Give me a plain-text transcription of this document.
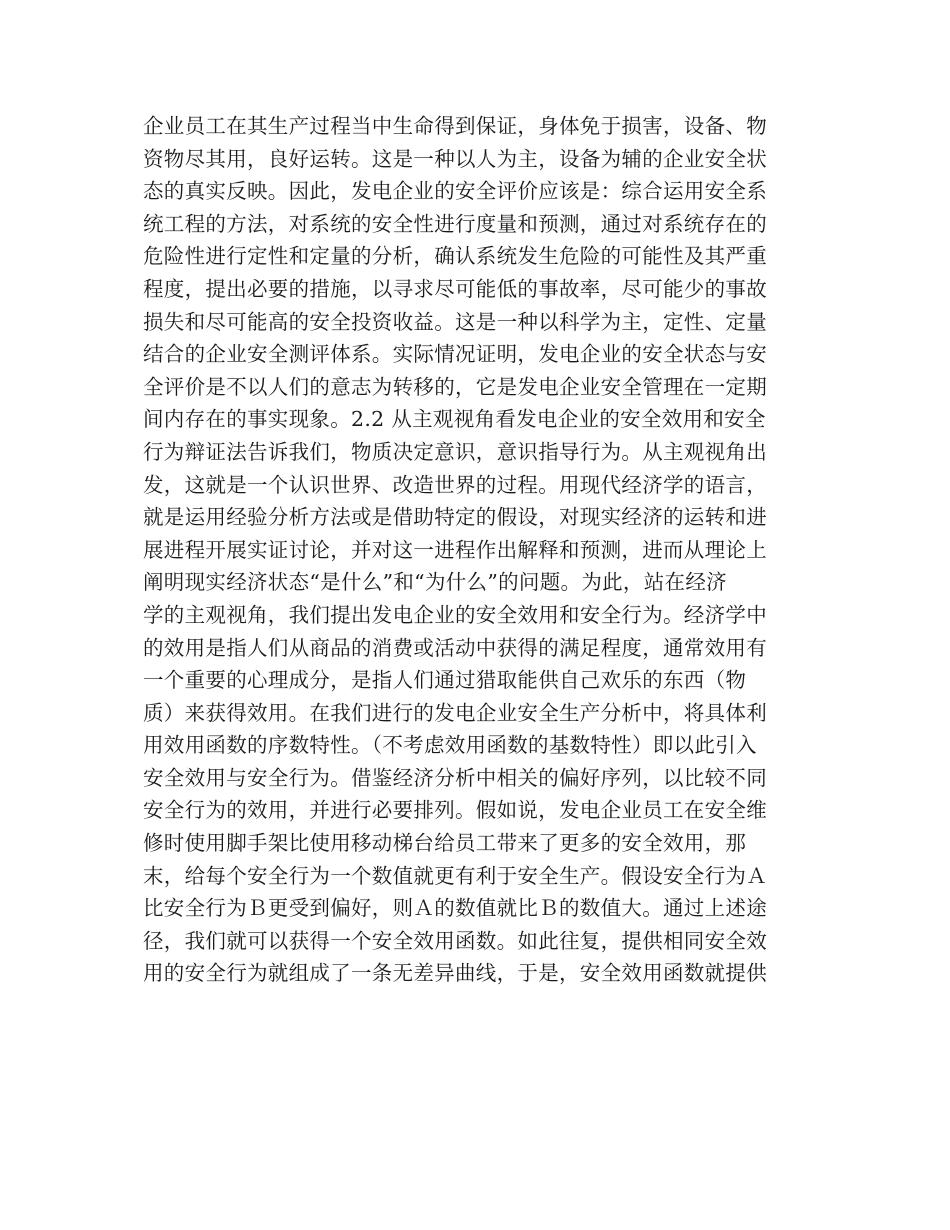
企业员工在其生产过程当中生命得到保证，身体免于损害，设备、物
资物尽其用，良好运转。这是一种以人为主，设备为辅的企业安全状
态的真实反映。因此，发电企业的安全评价应该是：综合运用安全系
统工程的方法，对系统的安全性进行度量和预测，通过对系统存在的
危险性进行定性和定量的分析，确认系统发生危险的可能性及其严重
程度，提出必要的措施，以寻求尽可能低的事故率，尽可能少的事故
损失和尽可能高的安全投资收益。这是一种以科学为主，定性、定量
结合的企业安全测评体系。实际情况证明，发电企业的安全状态与安
全评价是不以人们的意志为转移的，它是发电企业安全管理在一定期
间内存在的事实现象。2.2 从主观视角看发电企业的安全效用和安全
行为辩证法告诉我们，物质决定意识，意识指导行为。从主观视角出
发，这就是一个认识世界、改造世界的过程。用现代经济学的语言，
就是运用经验分析方法或是借助特定的假设，对现实经济的运转和进
展进程开展实证讨论，并对这一进程作出解释和预测，进而从理论上
阐明现实经济状态“是什么”和“为什么”的问题。为此，站在经济
学的主观视角，我们提出发电企业的安全效用和安全行为。经济学中
的效用是指人们从商品的消费或活动中获得的满足程度，通常效用有
一个重要的心理成分，是指人们通过猎取能供自己欢乐的东西（物
质）来获得效用。在我们进行的发电企业安全生产分析中，将具体利
用效用函数的序数特性。（不考虑效用函数的基数特性）即以此引入
安全效用与安全行为。借鉴经济分析中相关的偏好序列，以比较不同
安全行为的效用，并进行必要排列。假如说，发电企业员工在安全维
修时使用脚手架比使用移动梯台给员工带来了更多的安全效用，那
末，给每个安全行为一个数值就更有利于安全生产。假设安全行为Ａ
比安全行为Ｂ更受到偏好，则Ａ的数值就比Ｂ的数值大。通过上述途
径，我们就可以获得一个安全效用函数。如此往复，提供相同安全效
用的安全行为就组成了一条无差异曲线，于是，安全效用函数就提供
